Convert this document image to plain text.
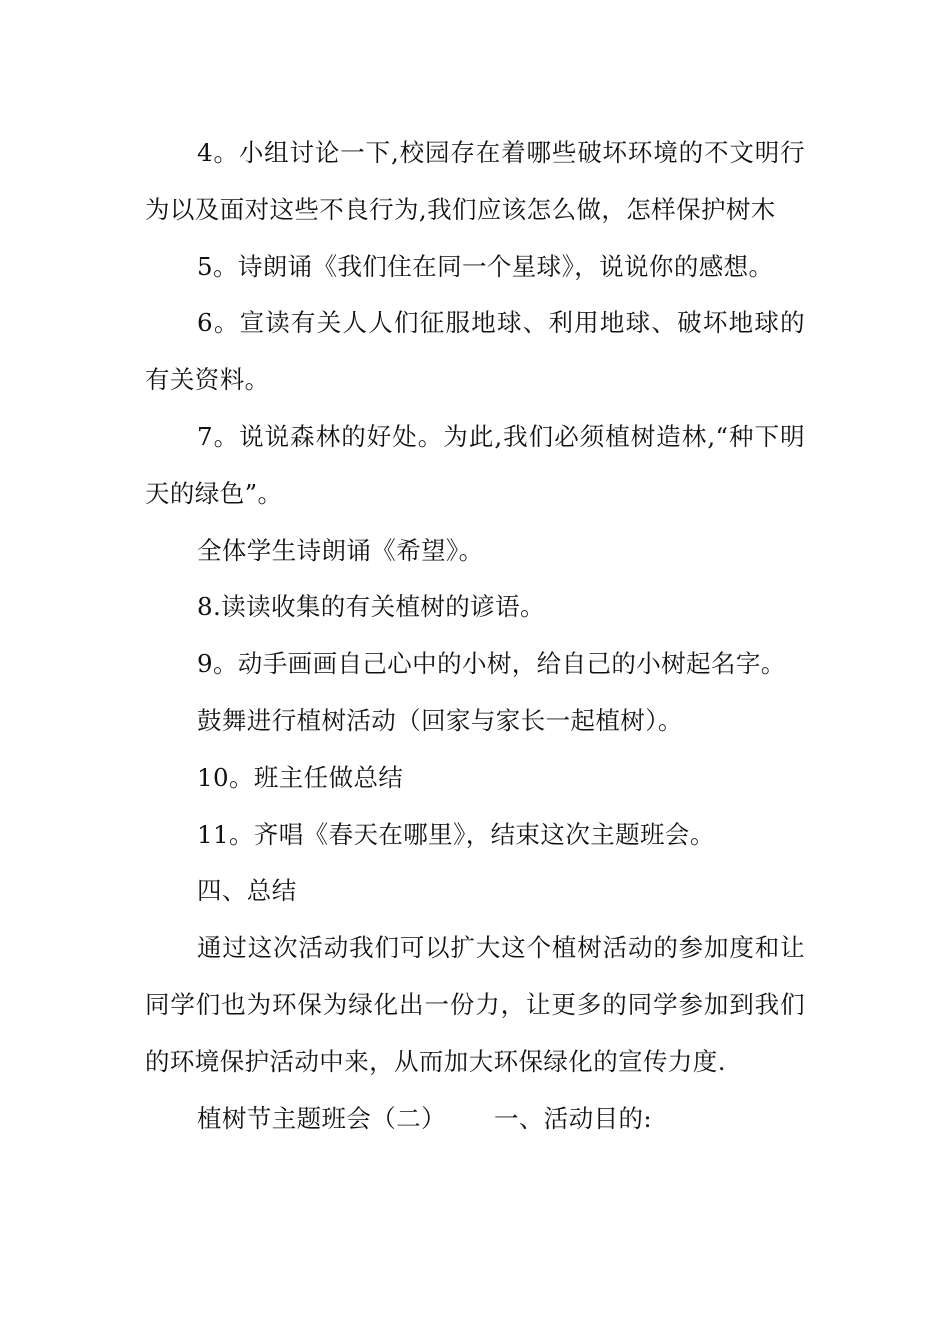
4。小组讨论一下,校园存在着哪些破坏环境的不文明行为以及面对这些不良行为,我们应该怎么做，怎样保护树木

5。诗朗诵《我们住在同一个星球》，说说你的感想。

6。宣读有关人人们征服地球、利用地球、破坏地球的有关资料。

7。说说森林的好处。为此,我们必须植树造林,“种下明天的绿色”。

全体学生诗朗诵《希望》。

8.读读收集的有关植树的谚语。

9。动手画画自己心中的小树，给自己的小树起名字。

鼓舞进行植树活动（回家与家长一起植树）。

10。班主任做总结

11。齐唱《春天在哪里》，结束这次主题班会。

四、总结

通过这次活动我们可以扩大这个植树活动的参加度和让同学们也为环保为绿化出一份力，让更多的同学参加到我们的环境保护活动中来，从而加大环保绿化的宣传力度.

植树节主题班会（二） 一、活动目的:
